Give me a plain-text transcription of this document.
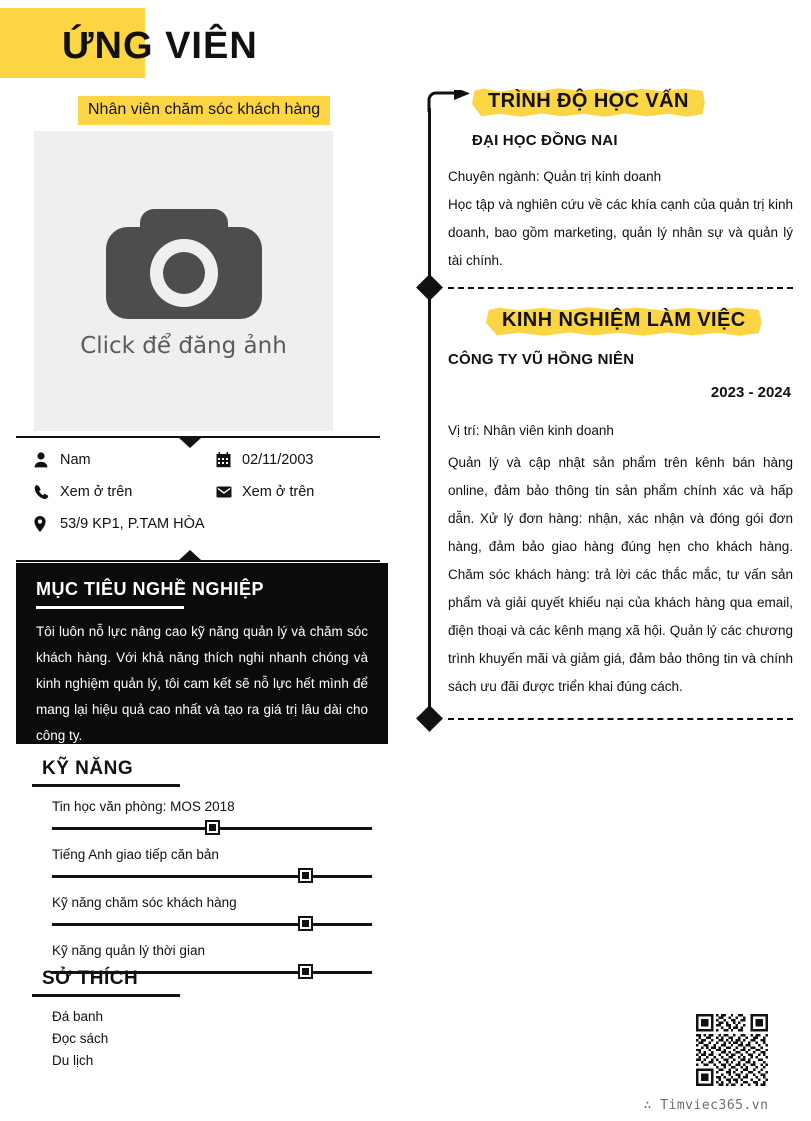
ỨNG VIÊN
Nhân viên chăm sóc khách hàng
Click để đăng ảnh
Nam	02/11/2003
Xem ở trên	Xem ở trên
53/9 KP1, P.TAM HÒA
MỤC TIÊU NGHỀ NGHIỆP
Tôi luôn nỗ lực nâng cao kỹ năng quản lý và chăm sóc khách hàng. Với khả năng thích nghi nhanh chóng và kinh nghiệm quản lý, tôi cam kết sẽ nỗ lực hết mình để mang lại hiệu quả cao nhất và tạo ra giá trị lâu dài cho công ty.
KỸ NĂNG
Tin học văn phòng: MOS 2018
Tiếng Anh giao tiếp căn bản
Kỹ năng chăm sóc khách hàng
Kỹ năng quản lý thời gian
SỞ THÍCH
Đá banh
Đọc sách
Du lịch
TRÌNH ĐỘ HỌC VẤN
ĐẠI HỌC ĐỒNG NAI
Chuyên ngành: Quản trị kinh doanh
Học tập và nghiên cứu về các khía cạnh của quản trị kinh doanh, bao gồm marketing, quản lý nhân sự và quản lý tài chính.
KINH NGHIỆM LÀM VIỆC
CÔNG TY VŨ HỒNG NIÊN
2023 - 2024
Vị trí: Nhân viên kinh doanh
Quản lý và cập nhật sản phẩm trên kênh bán hàng online, đảm bảo thông tin sản phẩm chính xác và hấp dẫn. Xử lý đơn hàng: nhận, xác nhận và đóng gói đơn hàng, đảm bảo giao hàng đúng hẹn cho khách hàng. Chăm sóc khách hàng: trả lời các thắc mắc, tư vấn sản phẩm và giải quyết khiếu nại của khách hàng qua email, điện thoại và các kênh mạng xã hội. Quản lý các chương trình khuyến mãi và giảm giá, đảm bảo thông tin và chính sách ưu đãi được triển khai đúng cách.
∴ Timviec365.vn
